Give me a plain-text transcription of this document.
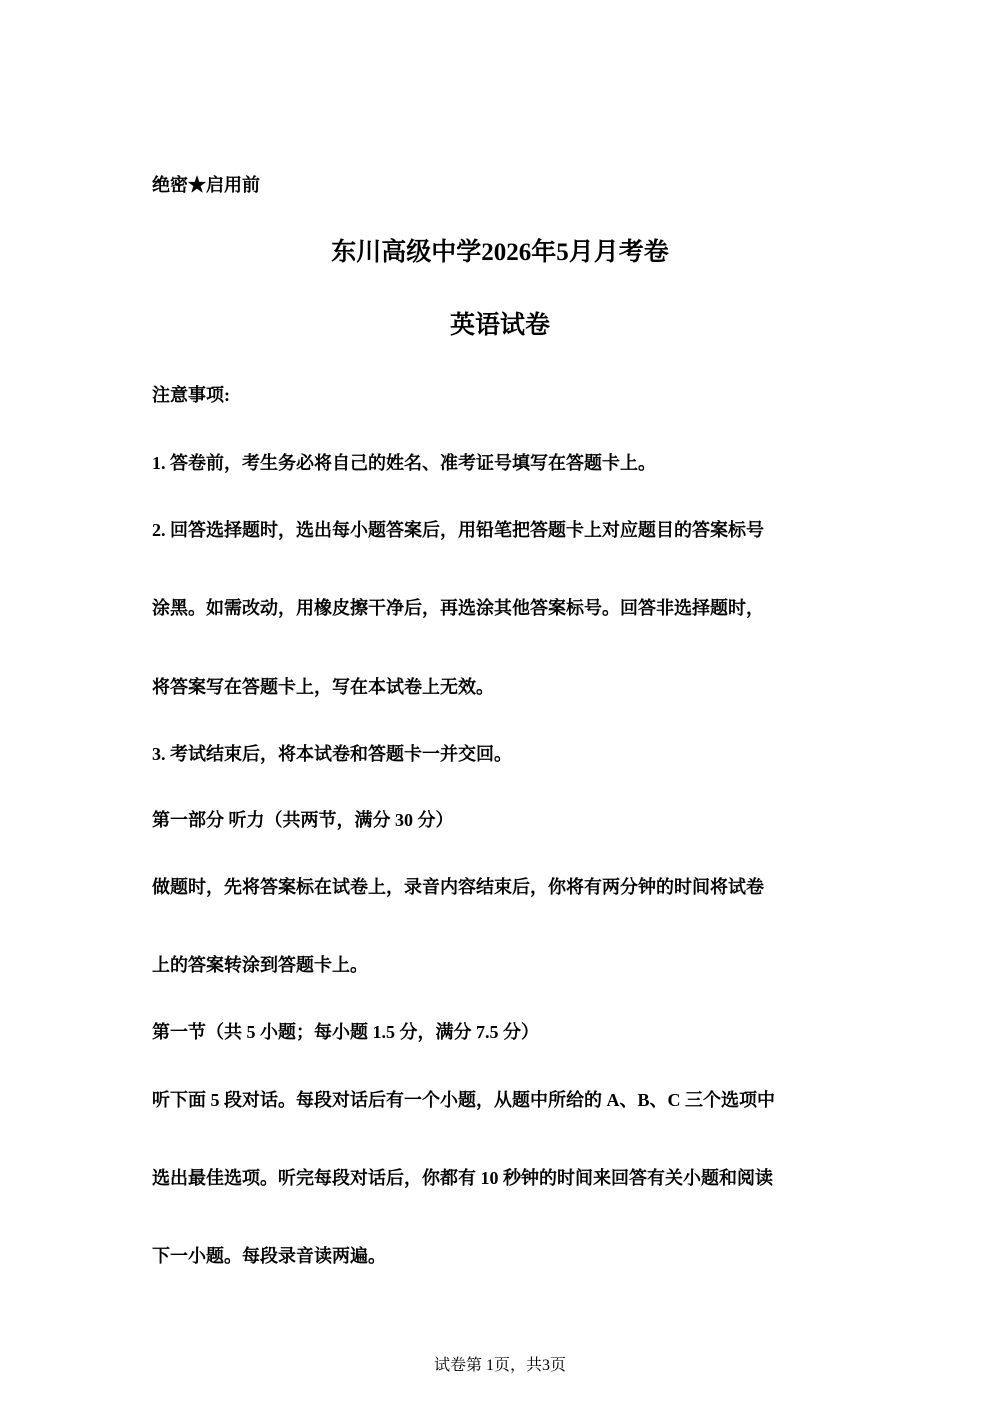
绝密★启用前
东川高级中学2026年5月月考卷
英语试卷
注意事项:
1. 答卷前，考生务必将自己的姓名、准考证号填写在答题卡上。
2. 回答选择题时，选出每小题答案后，用铅笔把答题卡上对应题目的答案标号
涂黑。如需改动，用橡皮擦干净后，再选涂其他答案标号。回答非选择题时，
将答案写在答题卡上，写在本试卷上无效。
3. 考试结束后，将本试卷和答题卡一并交回。
第一部分 听力（共两节，满分 30 分）
做题时，先将答案标在试卷上，录音内容结束后，你将有两分钟的时间将试卷
上的答案转涂到答题卡上。
第一节（共 5 小题；每小题 1.5 分，满分 7.5 分）
听下面 5 段对话。每段对话后有一个小题，从题中所给的 A、B、C 三个选项中
选出最佳选项。听完每段对话后，你都有 10 秒钟的时间来回答有关小题和阅读
下一小题。每段录音读两遍。
试卷第 1页，共3页
